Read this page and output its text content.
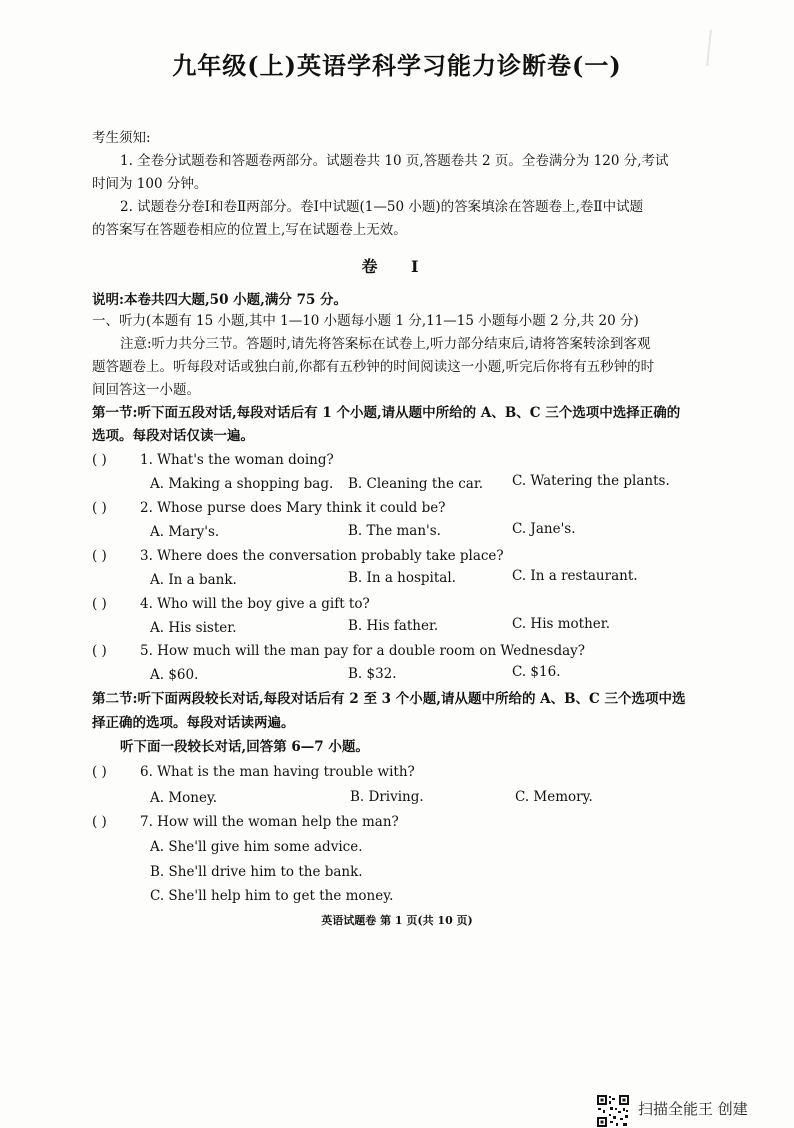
九年级(上)英语学科学习能力诊断卷(一)
考生须知:
1. 全卷分试题卷和答题卷两部分。试题卷共 10 页,答题卷共 2 页。全卷满分为 120 分,考试
时间为 100 分钟。
2. 试题卷分卷Ⅰ和卷Ⅱ两部分。卷Ⅰ中试题(1—50 小题)的答案填涂在答题卷上,卷Ⅱ中试题
的答案写在答题卷相应的位置上,写在试题卷上无效。
卷 Ⅰ
说明:本卷共四大题,50 小题,满分 75 分。
一、听力(本题有 15 小题,其中 1—10 小题每小题 1 分,11—15 小题每小题 2 分,共 20 分)
注意:听力共分三节。答题时,请先将答案标在试卷上,听力部分结束后,请将答案转涂到客观
题答题卷上。听每段对话或独白前,你都有五秒钟的时间阅读这一小题,听完后你将有五秒钟的时
间回答这一小题。
第一节:听下面五段对话,每段对话后有 1 个小题,请从题中所给的 A、B、C 三个选项中选择正确的
选项。每段对话仅读一遍。
( ) 1. What's the woman doing?
A. Making a shopping bag. B. Cleaning the car. C. Watering the plants.
( ) 2. Whose purse does Mary think it could be?
A. Mary's.	B. The man's.	C. Jane's.
( ) 3. Where does the conversation probably take place?
A. In a bank.	B. In a hospital.	C. In a restaurant.
( ) 4. Who will the boy give a gift to?
A. His sister.	B. His father.	C. His mother.
( ) 5. How much will the man pay for a double room on Wednesday?
A. $60.	B. $32.	C. $16.
第二节:听下面两段较长对话,每段对话后有 2 至 3 个小题,请从题中所给的 A、B、C 三个选项中选
择正确的选项。每段对话读两遍。
听下面一段较长对话,回答第 6—7 小题。
( ) 6. What is the man having trouble with?
A. Money.	B. Driving.	C. Memory.
( ) 7. How will the woman help the man?
A. She'll give him some advice.
B. She'll drive him to the bank.
C. She'll help him to get the money.
英语试题卷 第 1 页(共 10 页)
扫描全能王 创建
